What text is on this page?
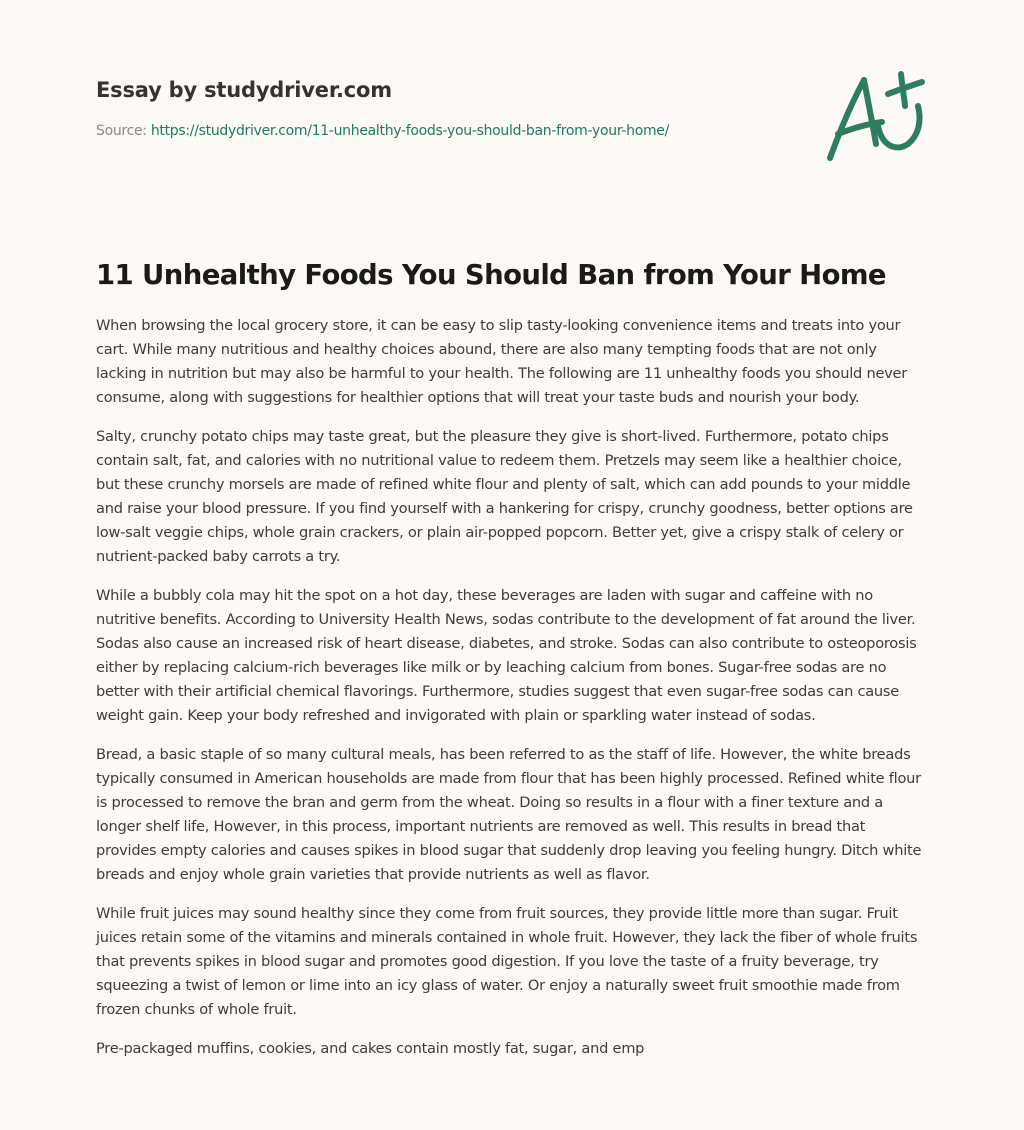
Essay by studydriver.com
Source: https://studydriver.com/11-unhealthy-foods-you-should-ban-from-your-home/
11 Unhealthy Foods You Should Ban from Your Home

When browsing the local grocery store, it can be easy to slip tasty-looking convenience items and treats into your cart. While many nutritious and healthy choices abound, there are also many tempting foods that are not only lacking in nutrition but may also be harmful to your health. The following are 11 unhealthy foods you should never consume, along with suggestions for healthier options that will treat your taste buds and nourish your body.

Salty, crunchy potato chips may taste great, but the pleasure they give is short-lived. Furthermore, potato chips contain salt, fat, and calories with no nutritional value to redeem them. Pretzels may seem like a healthier choice, but these crunchy morsels are made of refined white flour and plenty of salt, which can add pounds to your middle and raise your blood pressure. If you find yourself with a hankering for crispy, crunchy goodness, better options are low-salt veggie chips, whole grain crackers, or plain air-popped popcorn. Better yet, give a crispy stalk of celery or nutrient-packed baby carrots a try.

While a bubbly cola may hit the spot on a hot day, these beverages are laden with sugar and caffeine with no nutritive benefits. According to University Health News, sodas contribute to the development of fat around the liver. Sodas also cause an increased risk of heart disease, diabetes, and stroke. Sodas can also contribute to osteoporosis either by replacing calcium-rich beverages like milk or by leaching calcium from bones. Sugar-free sodas are no better with their artificial chemical flavorings. Furthermore, studies suggest that even sugar-free sodas can cause weight gain. Keep your body refreshed and invigorated with plain or sparkling water instead of sodas.

Bread, a basic staple of so many cultural meals, has been referred to as the staff of life. However, the white breads typically consumed in American households are made from flour that has been highly processed. Refined white flour is processed to remove the bran and germ from the wheat. Doing so results in a flour with a finer texture and a longer shelf life, However, in this process, important nutrients are removed as well. This results in bread that provides empty calories and causes spikes in blood sugar that suddenly drop leaving you feeling hungry. Ditch white breads and enjoy whole grain varieties that provide nutrients as well as flavor.

While fruit juices may sound healthy since they come from fruit sources, they provide little more than sugar. Fruit juices retain some of the vitamins and minerals contained in whole fruit. However, they lack the fiber of whole fruits that prevents spikes in blood sugar and promotes good digestion. If you love the taste of a fruity beverage, try squeezing a twist of lemon or lime into an icy glass of water. Or enjoy a naturally sweet fruit smoothie made from frozen chunks of whole fruit.

Pre-packaged muffins, cookies, and cakes contain mostly fat, sugar, and emp
